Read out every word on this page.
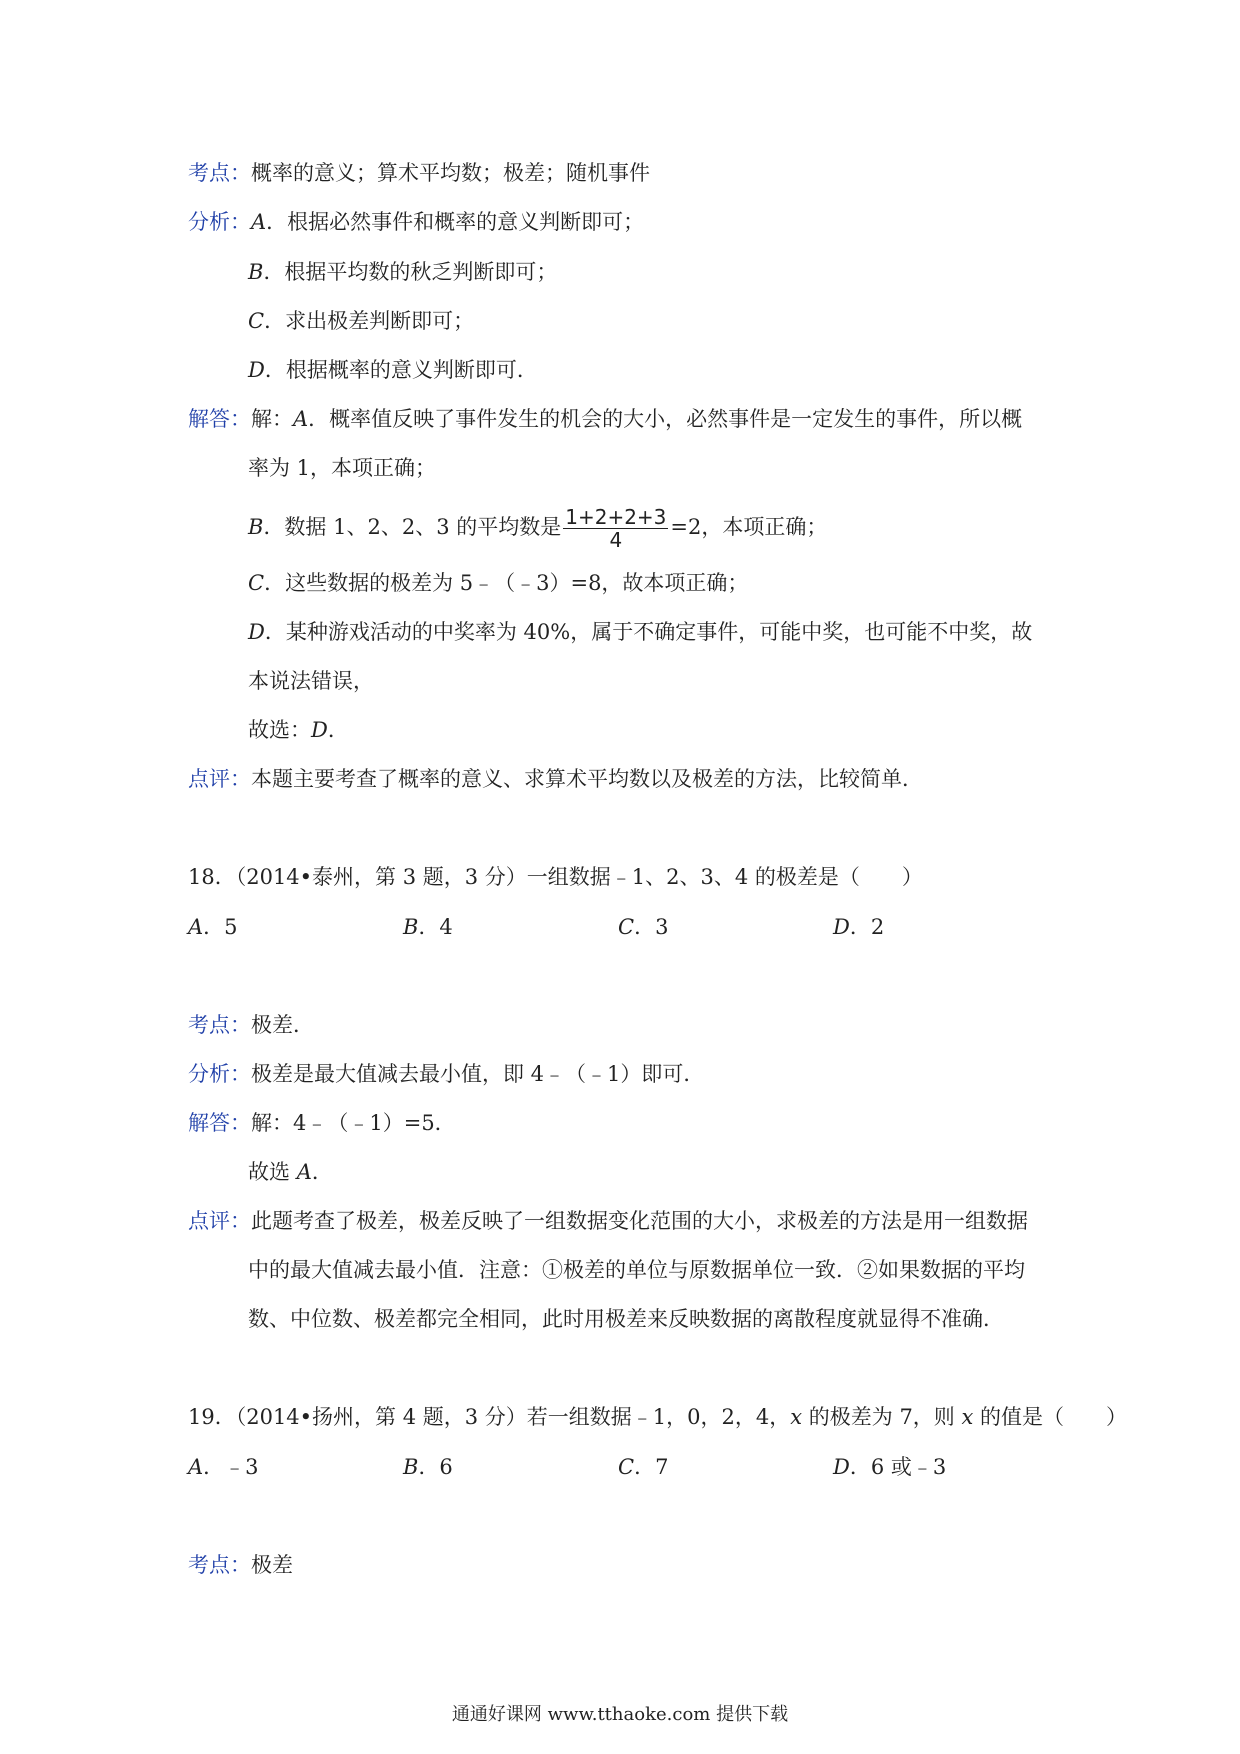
考点：概率的意义；算术平均数；极差；随机事件
分析：A．根据必然事件和概率的意义判断即可；
B．根据平均数的秋乏判断即可；
C．求出极差判断即可；
D．根据概率的意义判断即可．
解答：解：A．概率值反映了事件发生的机会的大小，必然事件是一定发生的事件，所以概
率为 1，本项正确；
B．数据 1、2、2、3 的平均数是 $\frac{1+2+2+3}{4} =2$，本项正确；
C．这些数据的极差为 5﹣（﹣3）=8，故本项正确；
D．某种游戏活动的中奖率为 40%，属于不确定事件，可能中奖，也可能不中奖，故
本说法错误，
故选：D．
点评：本题主要考查了概率的意义、求算术平均数以及极差的方法，比较简单．
18．（2014•泰州，第 3 题，3 分）一组数据﹣1、2、3、4 的极差是（　　）
A．5	B．4	C．3	D．2
考点：极差．
分析：极差是最大值减去最小值，即 4﹣（﹣1）即可．
解答：解：4﹣（﹣1）=5．
故选 A．
点评：此题考查了极差，极差反映了一组数据变化范围的大小，求极差的方法是用一组数据
中的最大值减去最小值．注意：①极差的单位与原数据单位一致．②如果数据的平均
数、中位数、极差都完全相同，此时用极差来反映数据的离散程度就显得不准确．
19．（2014•扬州，第 4 题，3 分）若一组数据﹣1，0，2，4，x 的极差为 7，则 x 的值是（　　）
A．﹣3	B．6	C．7	D．6 或﹣3
考点：极差
通通好课网 www.tthaoke.com 提供下载
